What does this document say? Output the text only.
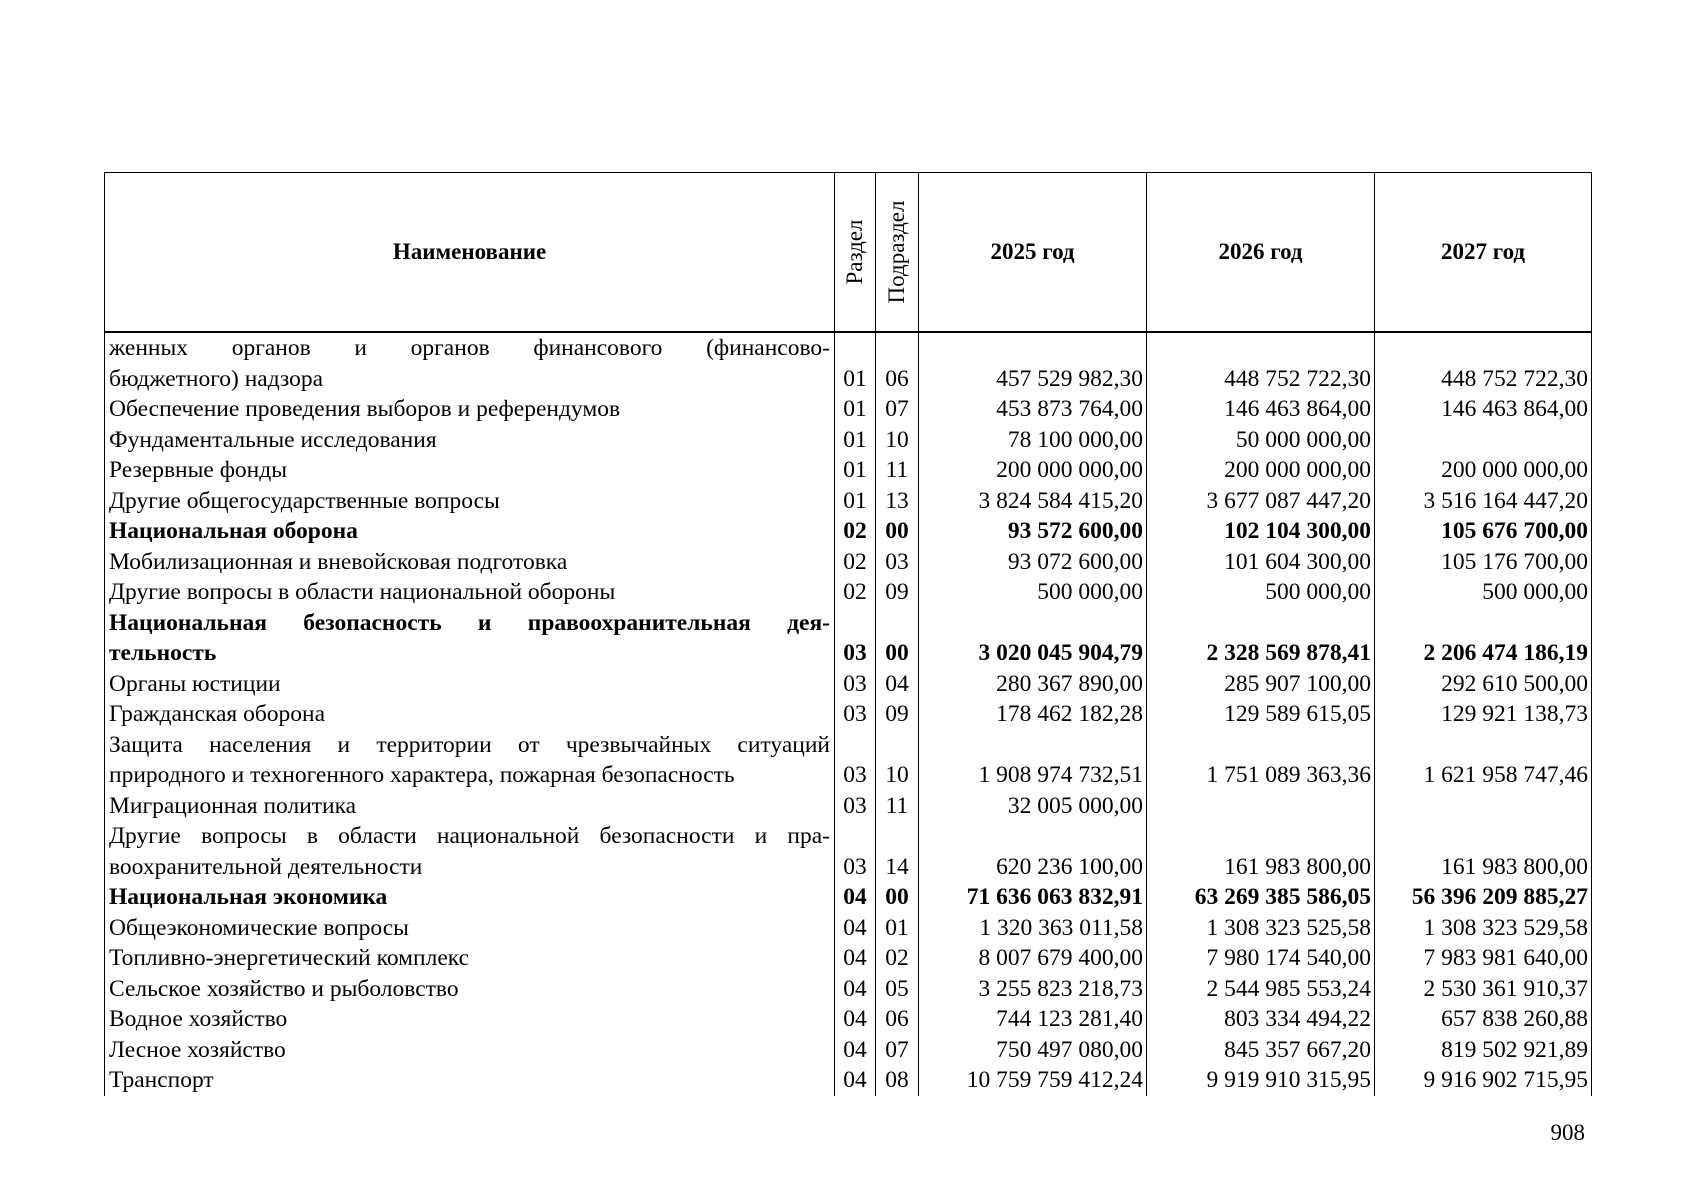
Наименование	Раздел	Подраздел	2025 год	2026 год	2027 год

женных органов и органов финансового (финансово-					

бюджетного) надзора	01	06	457 529 982,30	448 752 722,30	448 752 722,30
Обеспечение проведения выборов и референдумов	01	07	453 873 764,00	146 463 864,00	146 463 864,00
Фундаментальные исследования	01	10	78 100 000,00	50 000 000,00	
Резервные фонды	01	11	200 000 000,00	200 000 000,00	200 000 000,00
Другие общегосударственные вопросы	01	13	3 824 584 415,20	3 677 087 447,20	3 516 164 447,20
Национальная оборона	02	00	93 572 600,00	102 104 300,00	105 676 700,00
Мобилизационная и вневойсковая подготовка	02	03	93 072 600,00	101 604 300,00	105 176 700,00
Другие вопросы в области национальной обороны	02	09	500 000,00	500 000,00	500 000,00

Национальная безопасность и правоохранительная дея-					

тельность	03	00	3 020 045 904,79	2 328 569 878,41	2 206 474 186,19
Органы юстиции	03	04	280 367 890,00	285 907 100,00	292 610 500,00
Гражданская оборона	03	09	178 462 182,28	129 589 615,05	129 921 138,73

Защита населения и территории от чрезвычайных ситуаций					

природного и техногенного характера, пожарная безопасность	03	10	1 908 974 732,51	1 751 089 363,36	1 621 958 747,46
Миграционная политика	03	11	32 005 000,00		

Другие вопросы в области национальной безопасности и пра-					

воохранительной деятельности	03	14	620 236 100,00	161 983 800,00	161 983 800,00
Национальная экономика	04	00	71 636 063 832,91	63 269 385 586,05	56 396 209 885,27
Общеэкономические вопросы	04	01	1 320 363 011,58	1 308 323 525,58	1 308 323 529,58
Топливно-энергетический комплекс	04	02	8 007 679 400,00	7 980 174 540,00	7 983 981 640,00
Сельское хозяйство и рыболовство	04	05	3 255 823 218,73	2 544 985 553,24	2 530 361 910,37
Водное хозяйство	04	06	744 123 281,40	803 334 494,22	657 838 260,88
Лесное хозяйство	04	07	750 497 080,00	845 357 667,20	819 502 921,89
Транспорт	04	08	10 759 759 412,24	9 919 910 315,95	9 916 902 715,95
908
